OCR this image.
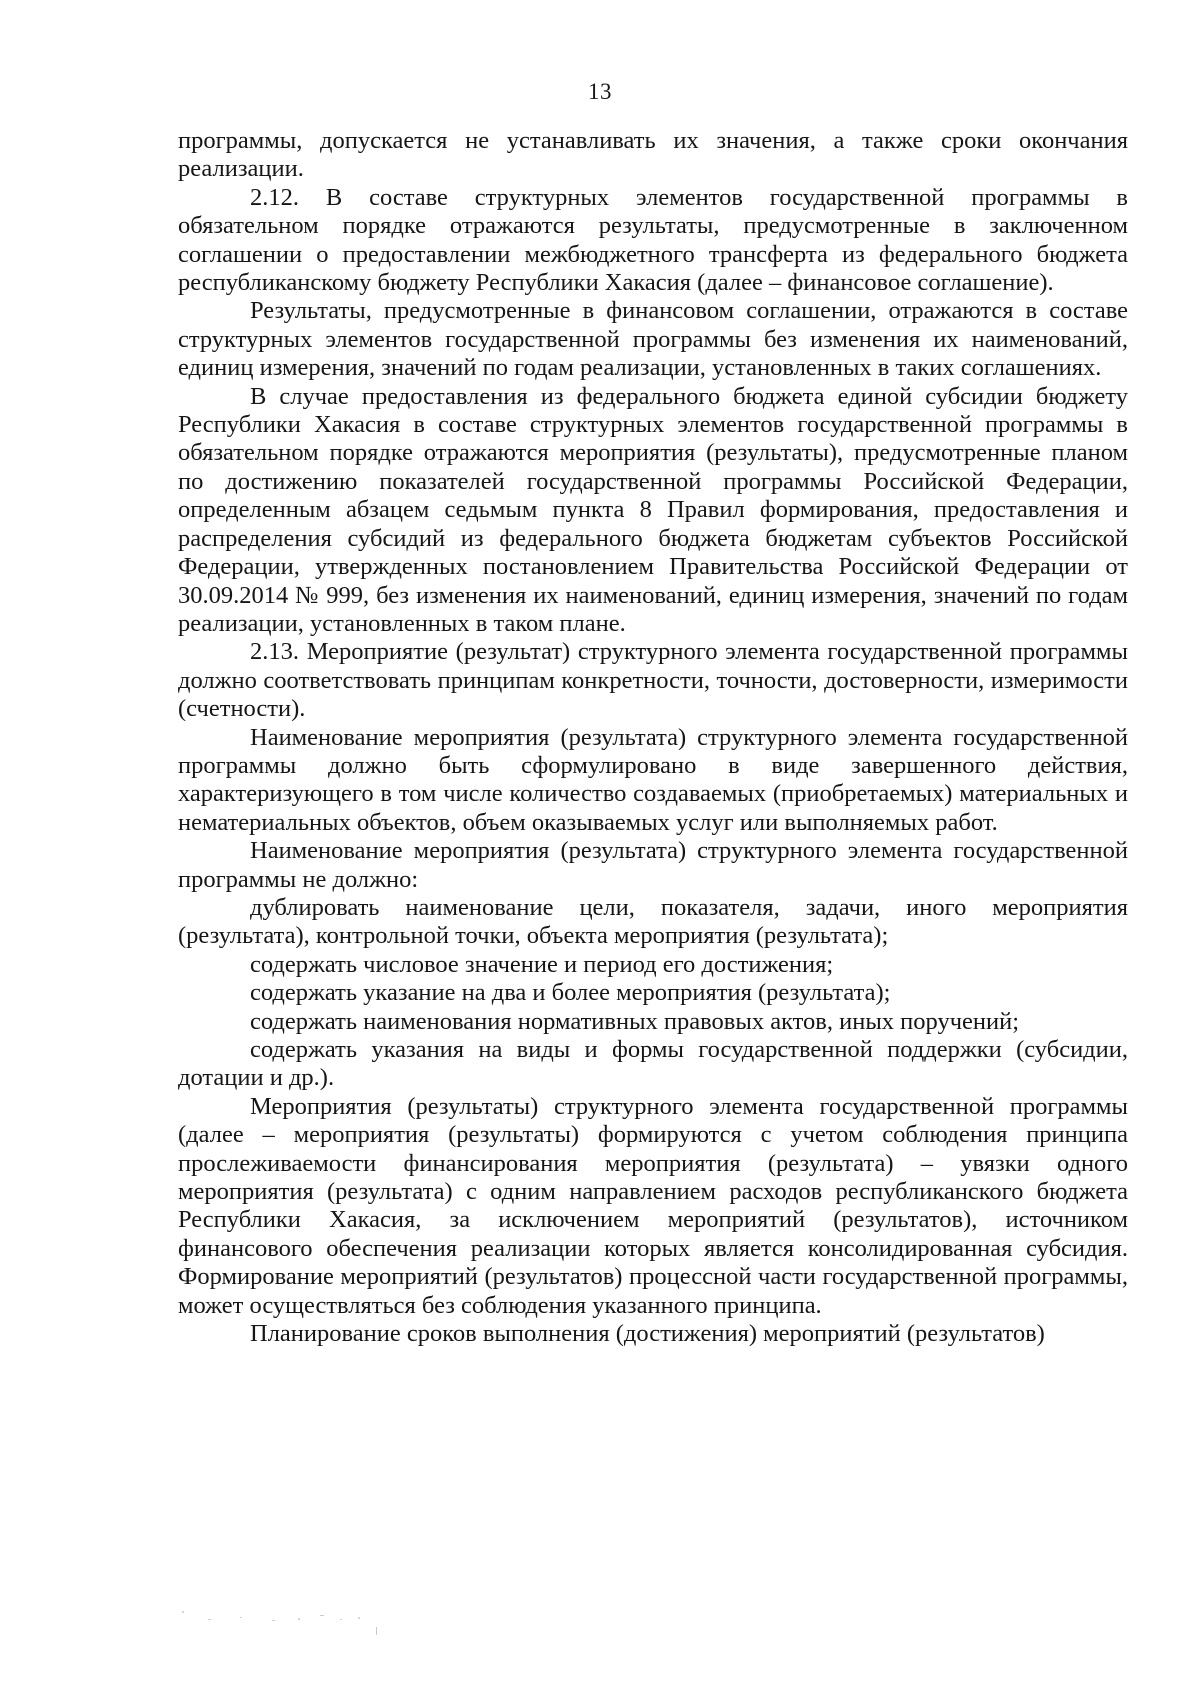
13

программы, допускается не устанавливать их значения, а также сроки окончания реализации.

2.12. В составе структурных элементов государственной программы в обязательном порядке отражаются результаты, предусмотренные в заключенном соглашении о предоставлении межбюджетного трансферта из федерального бюджета республиканскому бюджету Республики Хакасия (далее – финансовое соглашение).

Результаты, предусмотренные в финансовом соглашении, отражаются в составе структурных элементов государственной программы без изменения их наименований, единиц измерения, значений по годам реализации, установленных в таких соглашениях.

В случае предоставления из федерального бюджета единой субсидии бюджету Республики Хакасия в составе структурных элементов государственной программы в обязательном порядке отражаются мероприятия (результаты), предусмотренные планом по достижению показателей государственной программы Российской Федерации, определенным абзацем седьмым пункта 8 Правил формирования, предоставления и распределения субсидий из федерального бюджета бюджетам субъектов Российской Федерации, утвержденных постановлением Правительства Российской Федерации от 30.09.2014 № 999, без изменения их наименований, единиц измерения, значений по годам реализации, установленных в таком плане.

2.13. Мероприятие (результат) структурного элемента государственной программы должно соответствовать принципам конкретности, точности, достоверности, измеримости (счетности).

Наименование мероприятия (результата) структурного элемента государственной программы должно быть сформулировано в виде завершенного действия, характеризующего в том числе количество создаваемых (приобретаемых) материальных и нематериальных объектов, объем оказываемых услуг или выполняемых работ.

Наименование мероприятия (результата) структурного элемента государственной программы не должно:

дублировать наименование цели, показателя, задачи, иного мероприятия (результата), контрольной точки, объекта мероприятия (результата);

содержать числовое значение и период его достижения;

содержать указание на два и более мероприятия (результата);

содержать наименования нормативных правовых актов, иных поручений;

содержать указания на виды и формы государственной поддержки (субсидии, дотации и др.).

Мероприятия (результаты) структурного элемента государственной программы (далее – мероприятия (результаты) формируются с учетом соблюдения принципа прослеживаемости финансирования мероприятия (результата) – увязки одного мероприятия (результата) с одним направлением расходов республиканского бюджета Республики Хакасия, за исключением мероприятий (результатов), источником финансового обеспечения реализации которых является консолидированная субсидия. Формирование мероприятий (результатов) процессной части государственной программы, может осуществляться без соблюдения указанного принципа.

Планирование сроков выполнения (достижения) мероприятий (результатов)
